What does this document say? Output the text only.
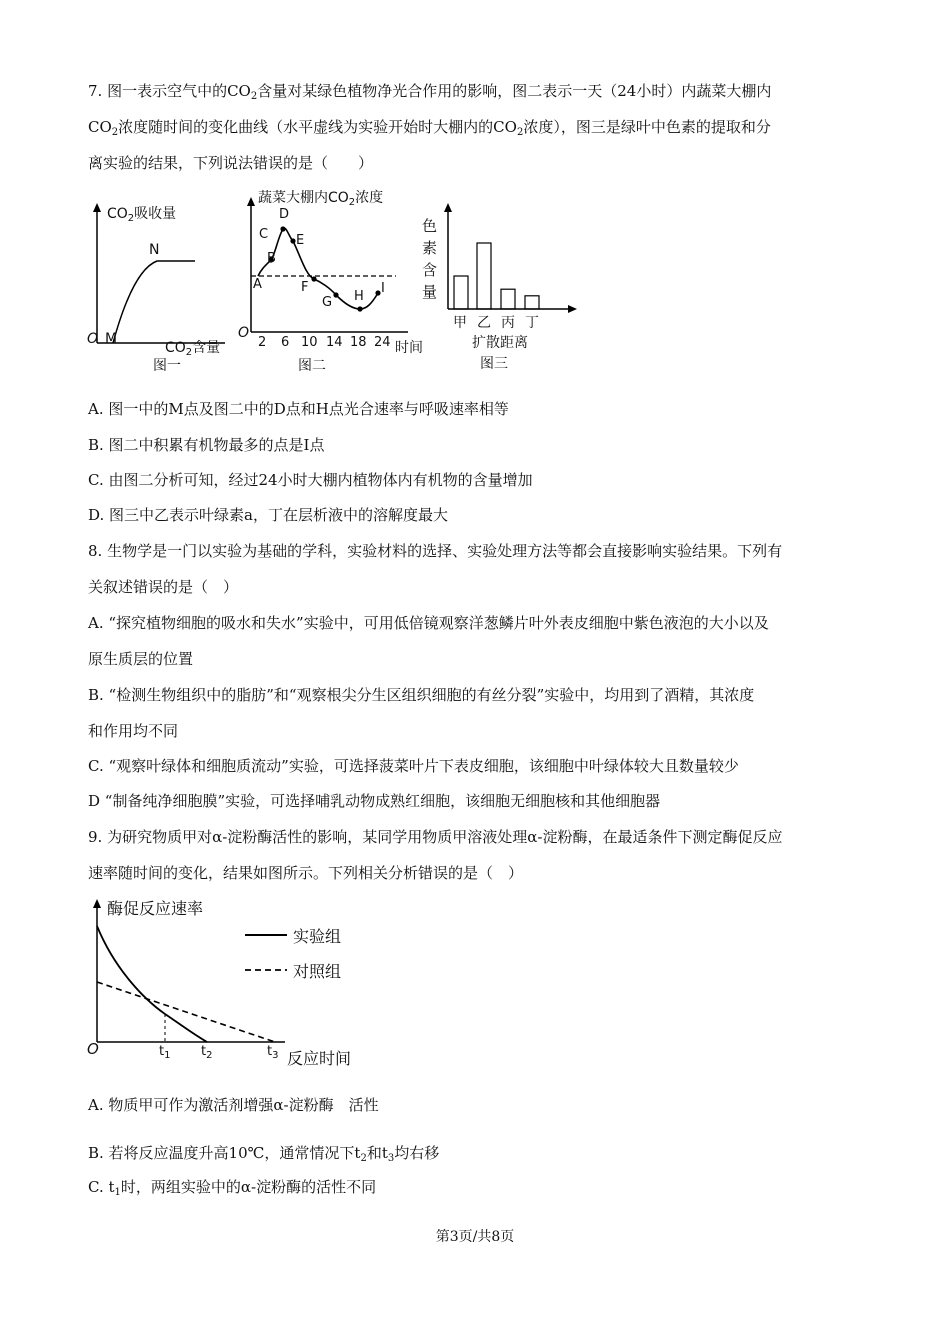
7. 图一表示空气中的$CO_2$含量对某绿色植物净光合作用的影响，图二表示一天（24小时）内蔬菜大棚内
$CO_2$浓度随时间的变化曲线（水平虚线为实验开始时大棚内的$CO_2$浓度），图三是绿叶中色素的提取和分
离实验的结果，下列说法错误的是（　　）
$CO_2$吸收量
N
O M
$CO_2$含量
图一
蔬菜大棚内$CO_2$浓度
A
B
C
D
E
F
G H
I
O
2 6 10 14 18 24 时间
图二
色
素
含
量
甲 乙 丙 丁
扩散距离
图三
A. 图一中的M点及图二中的D点和H点光合速率与呼吸速率相等
B. 图二中积累有机物最多的点是I点
C. 由图二分析可知，经过24小时大棚内植物体内有机物的含量增加
D. 图三中乙表示叶绿素a，丁在层析液中的溶解度最大
8. 生物学是一门以实验为基础的学科，实验材料的选择、实验处理方法等都会直接影响实验结果。下列有
关叙述错误的是（　）
A. “探究植物细胞的吸水和失水”实验中，可用低倍镜观察洋葱鳞片叶外表皮细胞中紫色液泡的大小以及
原生质层的位置
B. “检测生物组织中的脂肪”和“观察根尖分生区组织细胞的有丝分裂”实验中，均用到了酒精，其浓度
和作用均不同
C. “观察叶绿体和细胞质流动”实验，可选择菠菜叶片下表皮细胞，该细胞中叶绿体较大且数量较少
D “制备纯净细胞膜”实验，可选择哺乳动物成熟红细胞，该细胞无细胞核和其他细胞器
9. 为研究物质甲对α-淀粉酶活性的影响，某同学用物质甲溶液处理α-淀粉酶，在最适条件下测定酶促反应
速率随时间的变化，结果如图所示。下列相关分析错误的是（　）
酶促反应速率
实验组
对照组
O	$t_1$ $t_2$	$t_3$ 反应时间
A. 物质甲可作为激活剂增强α-淀粉酶　活性
B. 若将反应温度升高10℃，通常情况下$t_2$和$t_3$均右移
C. $t_1$时，两组实验中的α-淀粉酶的活性不同
第3页/共8页
